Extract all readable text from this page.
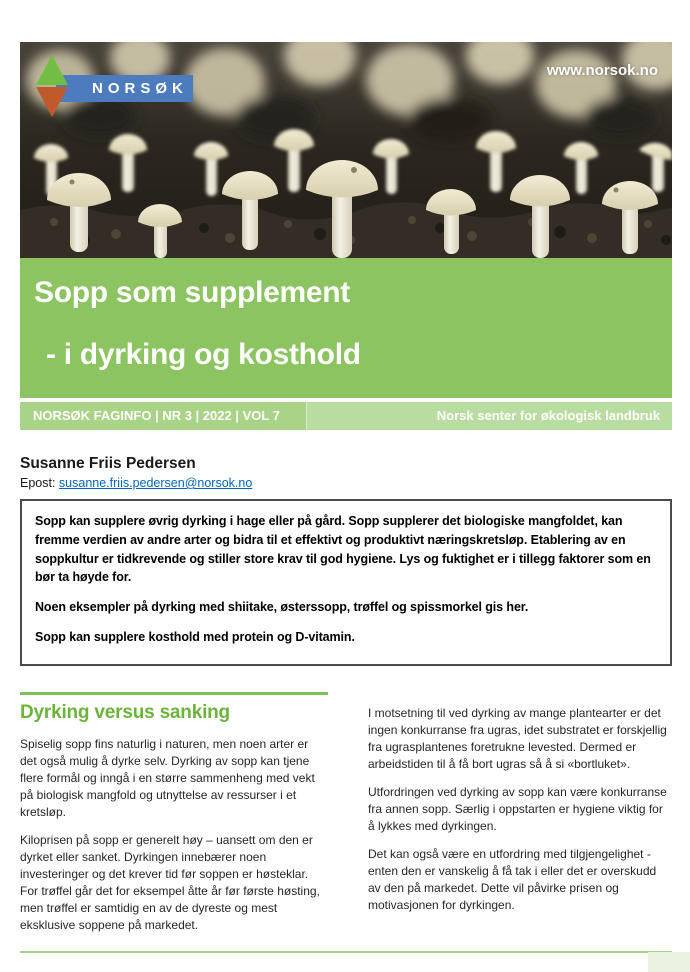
NORSØK
www.norsok.no
Sopp som supplement
- i dyrking og kosthold
NORSØK FAGINFO | NR 3 | 2022 | VOL 7	Norsk senter for økologisk landbruk
Susanne Friis Pedersen
Epost: susanne.friis.pedersen@norsok.no

Sopp kan supplere øvrig dyrking i hage eller på gård. Sopp supplerer det biologiske mangfoldet, kan fremme verdien av andre arter og bidra til et effektivt og produktivt næringskretsløp. Etablering av en soppkultur er tidkrevende og stiller store krav til god hygiene. Lys og fuktighet er i tillegg faktorer som en bør ta høyde for.

Noen eksempler på dyrking med shiitake, østerssopp, trøffel og spissmorkel gis her.

Sopp kan supplere kosthold med protein og D-vitamin.

Dyrking versus sanking

Spiselig sopp fins naturlig i naturen, men noen arter er det også mulig å dyrke selv. Dyrking av sopp kan tjene flere formål og inngå i en større sammenheng med vekt på biologisk mangfold og utnyttelse av ressurser i et kretsløp.

Kiloprisen på sopp er generelt høy – uansett om den er dyrket eller sanket. Dyrkingen innebærer noen investeringer og det krever tid før soppen er høsteklar. For trøffel går det for eksempel åtte år før første høsting, men trøffel er samtidig en av de dyreste og mest eksklusive soppene på markedet.

I motsetning til ved dyrking av mange plantearter er det ingen konkurranse fra ugras, idet substratet er forskjellig fra ugrasplantenes foretrukne levested. Dermed er arbeidstiden til å få bort ugras så å si «bortluket».

Utfordringen ved dyrking av sopp kan være konkurranse fra annen sopp. Særlig i oppstarten er hygiene viktig for å lykkes med dyrkingen.

Det kan også være en utfordring med tilgjengelighet - enten den er vanskelig å få tak i eller det er overskudd av den på markedet. Dette vil påvirke prisen og motivasjonen for dyrkingen.
